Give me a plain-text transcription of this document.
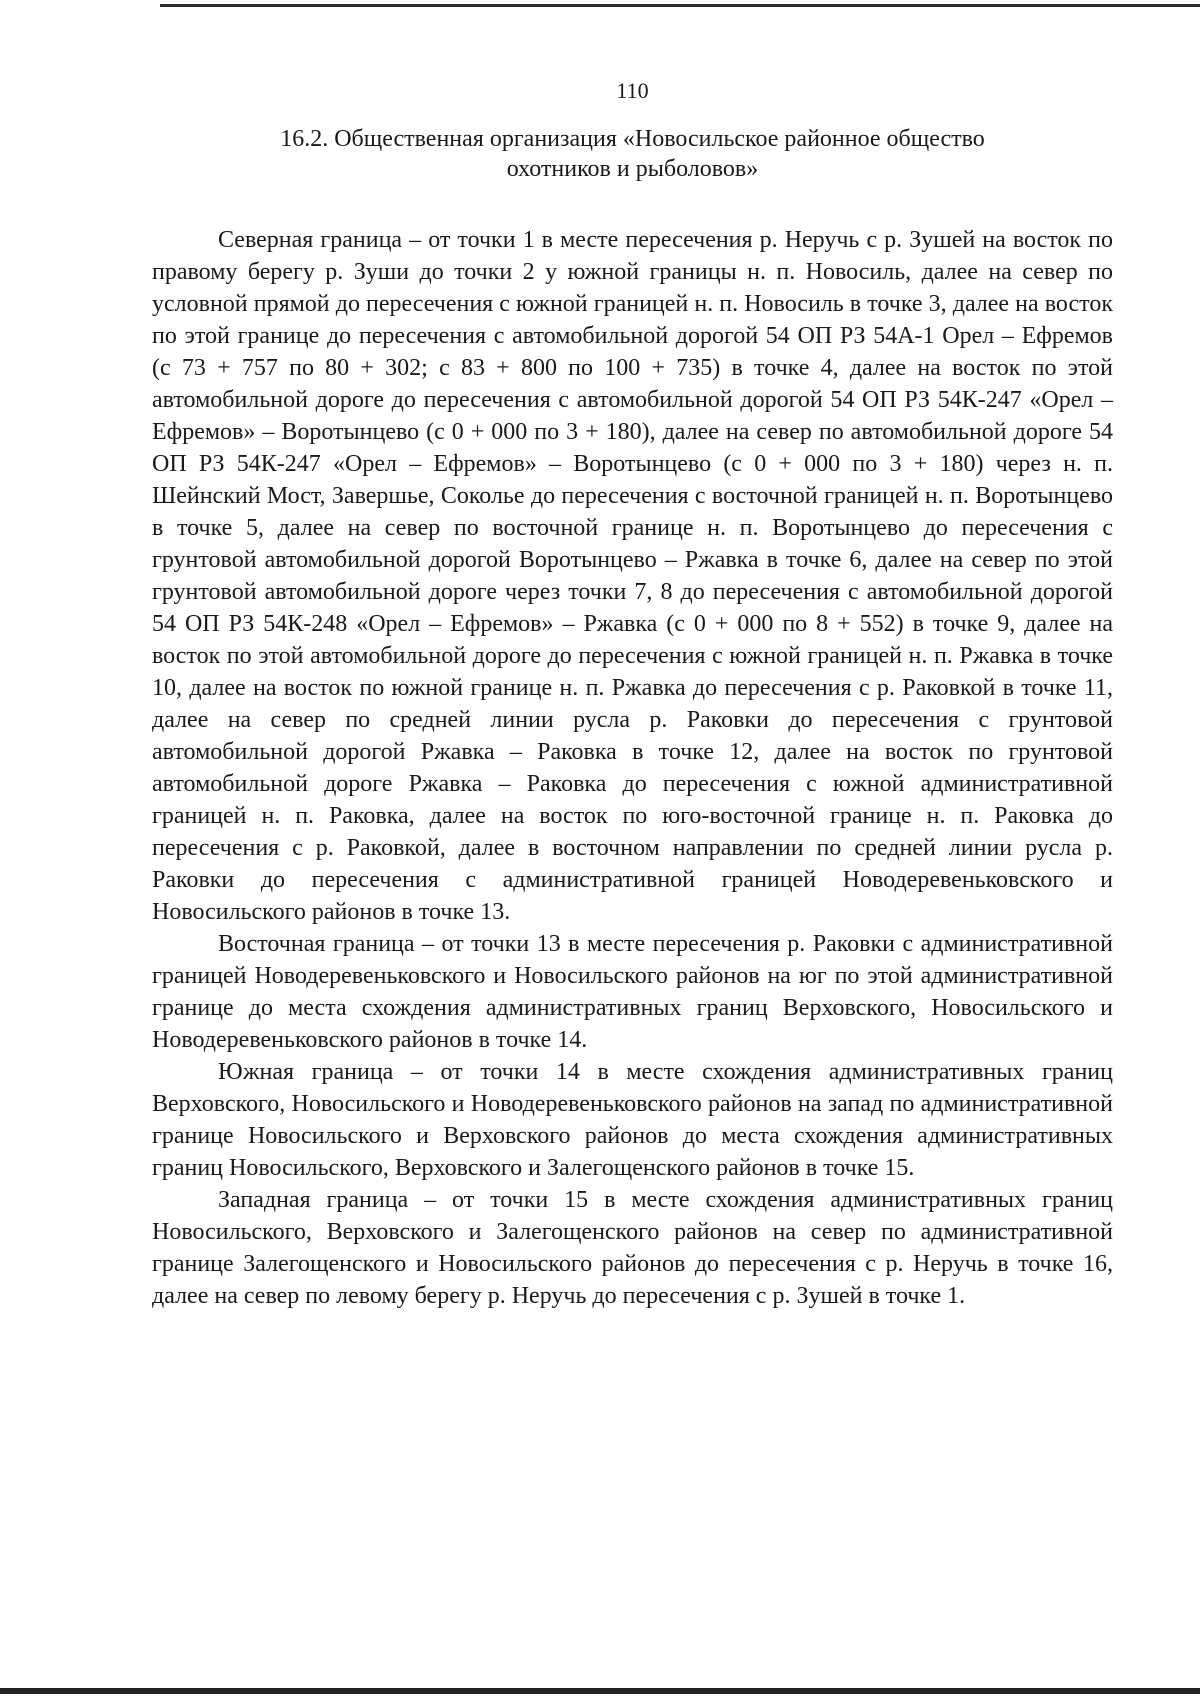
110
16.2. Общественная организация «Новосильское районное общество
охотников и рыболовов»

Северная граница – от точки 1 в месте пересечения р. Неручь с р. Зушей на восток по правому берегу р. Зуши до точки 2 у южной границы н. п. Новосиль, далее на север по условной прямой до пересечения с южной границей н. п. Новосиль в точке 3, далее на восток по этой границе до пересечения с автомобильной дорогой 54 ОП РЗ 54А-1 Орел – Ефремов (с 73 + 757 по 80 + 302; с 83 + 800 по 100 + 735) в точке 4, далее на восток по этой автомобильной дороге до пересечения с автомобильной дорогой 54 ОП РЗ 54К-247 «Орел – Ефремов» – Воротынцево (с 0 + 000 по 3 + 180), далее на север по автомобильной дороге 54 ОП РЗ 54К-247 «Орел – Ефремов» – Воротынцево (с 0 + 000 по 3 + 180) через н. п. Шейнский Мост, Завершье, Соколье до пересечения с восточной границей н. п. Воротынцево в точке 5, далее на север по восточной границе н. п. Воротынцево до пересечения с грунтовой автомобильной дорогой Воротынцево – Ржавка в точке 6, далее на север по этой грунтовой автомобильной дороге через точки 7, 8 до пересечения с автомобильной дорогой 54 ОП РЗ 54К-248 «Орел – Ефремов» – Ржавка (с 0 + 000 по 8 + 552) в точке 9, далее на восток по этой автомобильной дороге до пересечения с южной границей н. п. Ржавка в точке 10, далее на восток по южной границе н. п. Ржавка до пересечения с р. Раковкой в точке 11, далее на север по средней линии русла р. Раковки до пересечения с грунтовой автомобильной дорогой Ржавка – Раковка в точке 12, далее на восток по грунтовой автомобильной дороге Ржавка – Раковка до пересечения с южной административной границей н. п. Раковка, далее на восток по юго-восточной границе н. п. Раковка до пересечения с р. Раковкой, далее в восточном направлении по средней линии русла р. Раковки до пересечения с административной границей Новодеревеньковского и Новосильского районов в точке 13.

Восточная граница – от точки 13 в месте пересечения р. Раковки с административной границей Новодеревеньковского и Новосильского районов на юг по этой административной границе до места схождения административных границ Верховского, Новосильского и Новодеревеньковского районов в точке 14.

Южная граница – от точки 14 в месте схождения административных границ Верховского, Новосильского и Новодеревеньковского районов на запад по административной границе Новосильского и Верховского районов до места схождения административных границ Новосильского, Верховского и Залегощенского районов в точке 15.

Западная граница – от точки 15 в месте схождения административных границ Новосильского, Верховского и Залегощенского районов на север по административной границе Залегощенского и Новосильского районов до пересечения с р. Неручь в точке 16, далее на север по левому берегу р. Неручь до пересечения с р. Зушей в точке 1.
